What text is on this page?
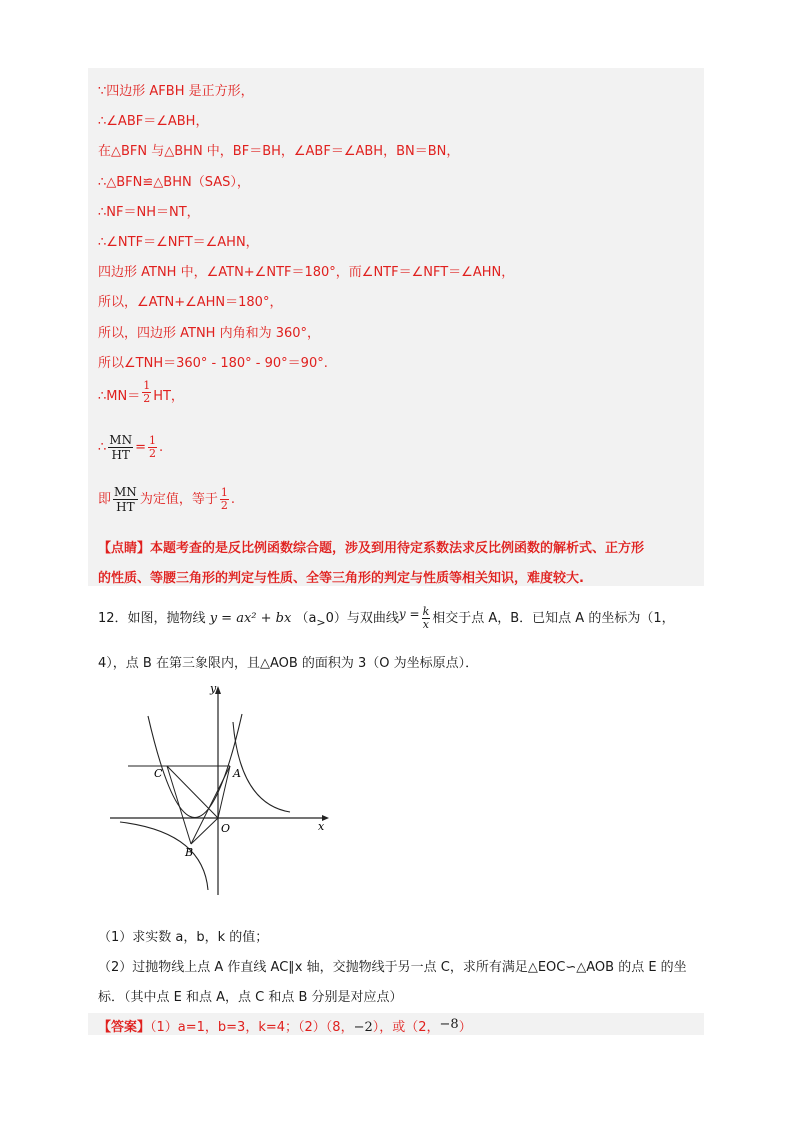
∵四边形 AFBH 是正方形，
∴∠ABF＝∠ABH，
在△BFN 与△BHN 中，BF＝BH，∠ABF＝∠ABH，BN＝BN，
∴△BFN≌△BHN（SAS），
∴NF＝NH＝NT，
∴∠NTF＝∠NFT＝∠AHN，
四边形 ATNH 中，∠ATN+∠NTF＝180°，而∠NTF＝∠NFT＝∠AHN，
所以，∠ATN+∠AHN＝180°，
所以，四边形 ATNH 内角和为 360°，
所以∠TNH＝360° - 180° - 90°＝90°.
∴MN＝ $\frac{1}{2}$ HT，
∴ $\frac{MN}{HT} = \frac{1}{2}$ .
即 $\frac{MN}{HT}$ 为定值，等于 $\frac{1}{2}$ .
【点睛】本题考查的是反比例函数综合题，涉及到用待定系数法求反比例函数的解析式、正方形
的性质、等腰三角形的判定与性质、全等三角形的判定与性质等相关知识，难度较大.
12．如图，抛物线 y = ax² + bx $(a_>0)$与双曲线$y = \frac{k}{x}$ 相交于点 A，B．已知点 A 的坐标为（1，
4），点 B 在第三象限内，且△AOB 的面积为 3（O 为坐标原点）．
y
x
C	A
O
B
（1）求实数 a，b，k 的值；
（2）过抛物线上点 A 作直线 AC∥x 轴，交抛物线于另一点 C，求所有满足△EOC∽△AOB 的点 E 的坐
标．（其中点 E 和点 A，点 C 和点 B 分别是对应点）
【答案】（1）a=1，b=3，k=4；（2）（8，−2），或（2，−8）
